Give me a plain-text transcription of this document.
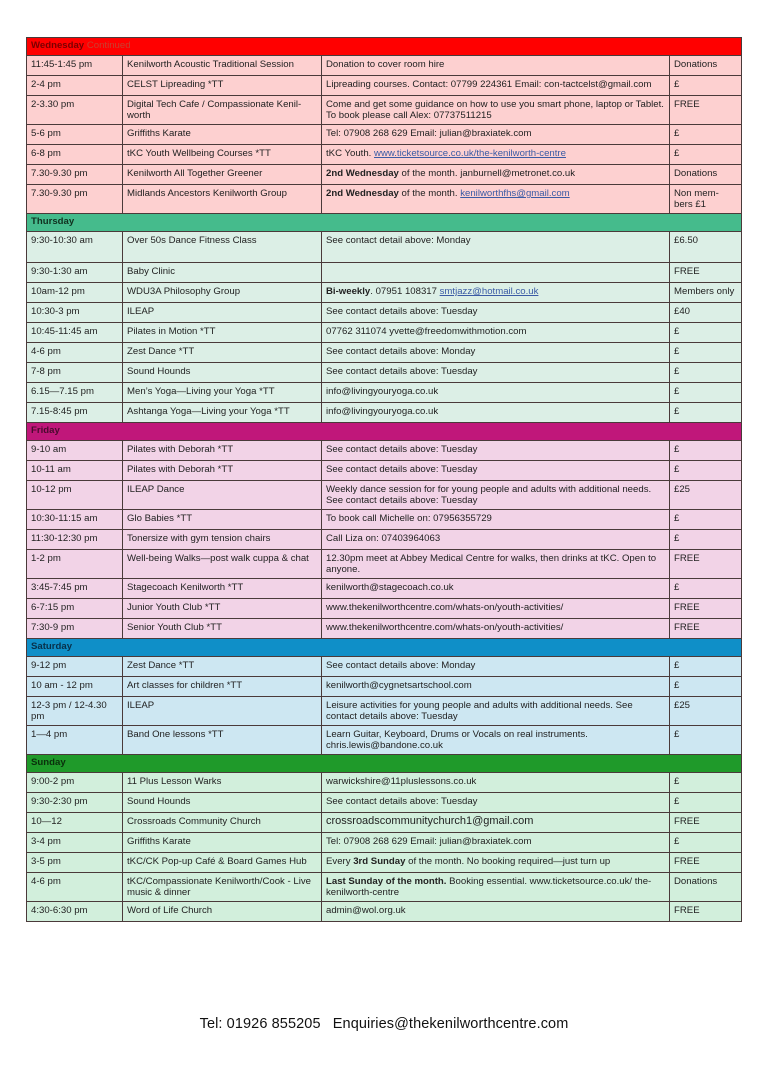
Wednesday Continued			
11:45-1:45 pm	Kenilworth Acoustic Traditional Session	Donation to cover room hire	Donations
2-4 pm	CELST Lipreading *TT	Lipreading courses. Contact: 07799 224361 Email: con-tactcelst@gmail.com	£
2-3.30 pm	Digital Tech Cafe / Compassionate Kenil-worth	Come and get some guidance on how to use you smart phone, laptop or Tablet. To book please call Alex: 07737511215	FREE
5-6 pm	Griffiths Karate	Tel: 07908 268 629 Email: julian@braxiatek.com	£
6-8 pm	tKC Youth Wellbeing Courses *TT	tKC Youth. www.ticketsource.co.uk/the-kenilworth-centre	£
7.30-9.30 pm	Kenilworth All Together Greener	2nd Wednesday of the month. janburnell@metronet.co.uk	Donations
7.30-9.30 pm	Midlands Ancestors Kenilworth Group	2nd Wednesday of the month. kenilworthfhs@gmail.com	Non mem-bers £1
Thursday			
9:30-10:30 am	Over 50s Dance Fitness Class	See contact detail above: Monday	£6.50
9:30-1:30 am	Baby Clinic		FREE
10am-12 pm	WDU3A Philosophy Group	Bi-weekly. 07951 108317 smtjazz@hotmail.co.uk	Members only
10:30-3 pm	ILEAP	See contact details above: Tuesday	£40
10:45-11:45 am	Pilates in Motion *TT	07762 311074 yvette@freedomwithmotion.com	£
4-6 pm	Zest Dance *TT	See contact details above: Monday	£
7-8 pm	Sound Hounds	See contact details above: Tuesday	£
6.15—7.15 pm	Men’s Yoga—Living your Yoga *TT	info@livingyouryoga.co.uk	£
7.15-8:45 pm	Ashtanga Yoga—Living your Yoga *TT	info@livingyouryoga.co.uk	£
Friday			
9-10 am	Pilates with Deborah *TT	See contact details above: Tuesday	£
10-11 am	Pilates with Deborah *TT	See contact details above: Tuesday	£
10-12 pm	ILEAP Dance	Weekly dance session for for young people and adults with additional needs. See contact details above: Tuesday	£25
10:30-11:15 am	Glo Babies *TT	To book call Michelle on: 07956355729	£
11:30-12:30 pm	Tonersize with gym tension chairs	Call Liza on: 07403964063	£
1-2 pm	Well-being Walks—post walk cuppa & chat	12.30pm meet at Abbey Medical Centre for walks, then drinks at tKC. Open to anyone.	FREE
3:45-7:45 pm	Stagecoach Kenilworth *TT	kenilworth@stagecoach.co.uk	£
6-7:15 pm	Junior Youth Club *TT	www.thekenilworthcentre.com/whats-on/youth-activities/	FREE
7:30-9 pm	Senior Youth Club *TT	www.thekenilworthcentre.com/whats-on/youth-activities/	FREE
Saturday			
9-12 pm	Zest Dance *TT	See contact details above: Monday	£
10 am - 12 pm	Art classes for children *TT	kenilworth@cygnetsartschool.com	£
12-3 pm / 12-4.30 pm	ILEAP	Leisure activities for young people and adults with additional needs. See contact details above: Tuesday	£25
1—4 pm	Band One lessons *TT	Learn Guitar, Keyboard, Drums or Vocals on real instruments. chris.lewis@bandone.co.uk	£
Sunday			
9:00-2 pm	11 Plus Lesson Warks	warwickshire@11pluslessons.co.uk	£
9:30-2:30 pm	Sound Hounds	See contact details above: Tuesday	£
10—12	Crossroads Community Church	crossroadscommunitychurch1@gmail.com	FREE
3-4 pm	Griffiths Karate	Tel: 07908 268 629 Email: julian@braxiatek.com	£
3-5 pm	tKC/CK Pop-up Café & Board Games Hub	Every 3rd Sunday of the month. No booking required—just turn up	FREE
4-6 pm	tKC/Compassionate Kenilworth/Cook - Live music & dinner	Last Sunday of the month. Booking essential. www.ticketsource.co.uk/ the-kenilworth-centre	Donations
4:30-6:30 pm	Word of Life Church	admin@wol.org.uk	FREE
Tel: 01926 855205 Enquiries@thekenilworthcentre.com
